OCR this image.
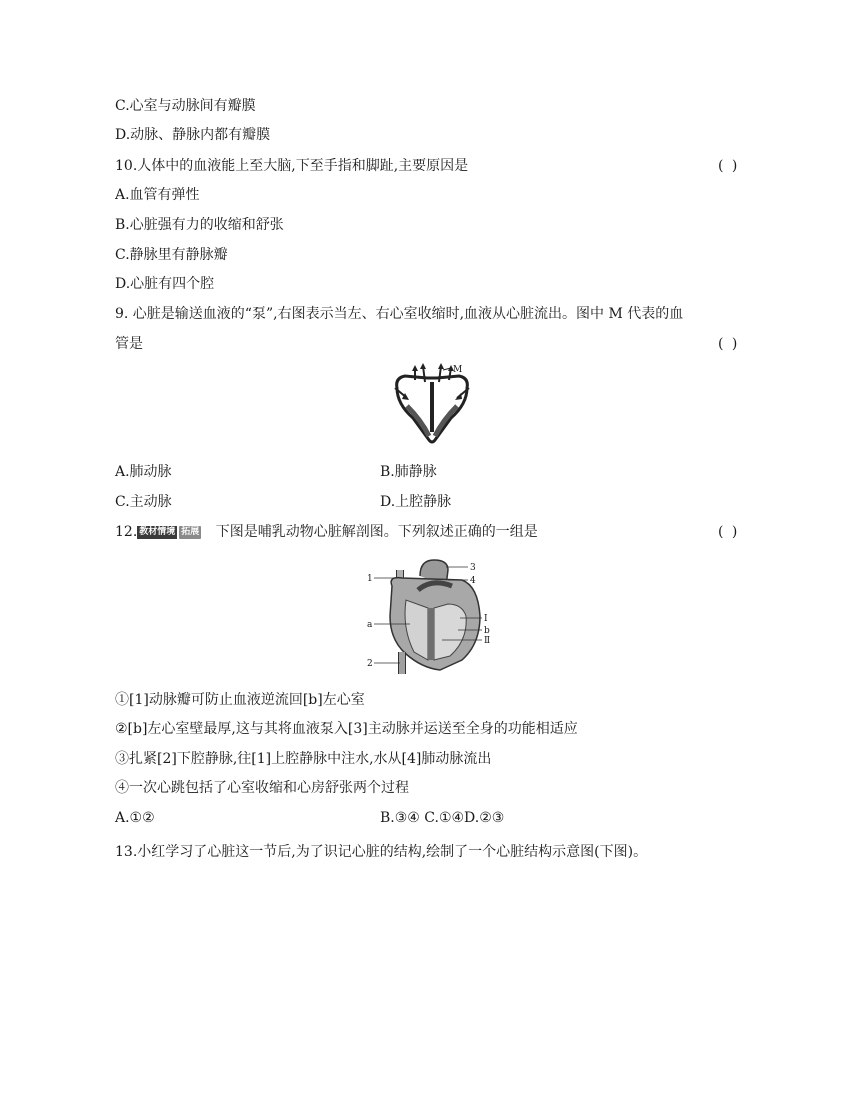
C.心室与动脉间有瓣膜
D.动脉、静脉内都有瓣膜
10.人体中的血液能上至大脑,下至手指和脚趾,主要原因是	( )
A.血管有弹性
B.心脏强有力的收缩和舒张
C.静脉里有静脉瓣
D.心脏有四个腔
9. 心脏是输送血液的“泵”,右图表示当左、右心室收缩时,血液从心脏流出。图中 M 代表的血
管是	( )
M
A.肺动脉	B.肺静脉
C.主动脉	D.上腔静脉
12. 教材情境 拓展 下图是哺乳动物心脏解剖图。下列叙述正确的一组是	( )
1
3
4
a
Ⅰ
b
Ⅱ
2
①[1]动脉瓣可防止血液逆流回[b]左心室
②[b]左心室壁最厚,这与其将血液泵入[3]主动脉并运送至全身的功能相适应
③扎紧[2]下腔静脉,往[1]上腔静脉中注水,水从[4]肺动脉流出
④一次心跳包括了心室收缩和心房舒张两个过程
A.①②	B.③④ C.①④D.②③
13.小红学习了心脏这一节后,为了识记心脏的结构,绘制了一个心脏结构示意图(下图)。
